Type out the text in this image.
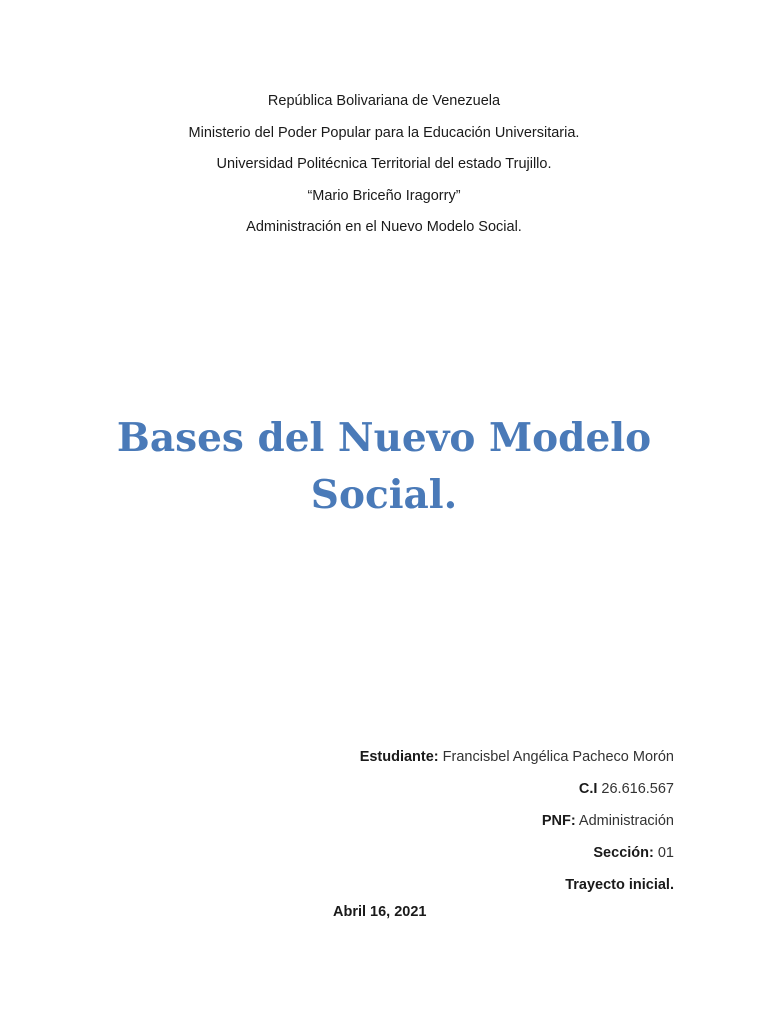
República Bolivariana de Venezuela
Ministerio del Poder Popular para la Educación Universitaria.
Universidad Politécnica Territorial del estado Trujillo.
“Mario Briceño Iragorry”
Administración en el Nuevo Modelo Social.
Bases del Nuevo Modelo
Social.
Estudiante: Francisbel Angélica Pacheco Morón
C.I 26.616.567
PNF: Administración
Sección: 01
Trayecto inicial.
Abril 16, 2021
